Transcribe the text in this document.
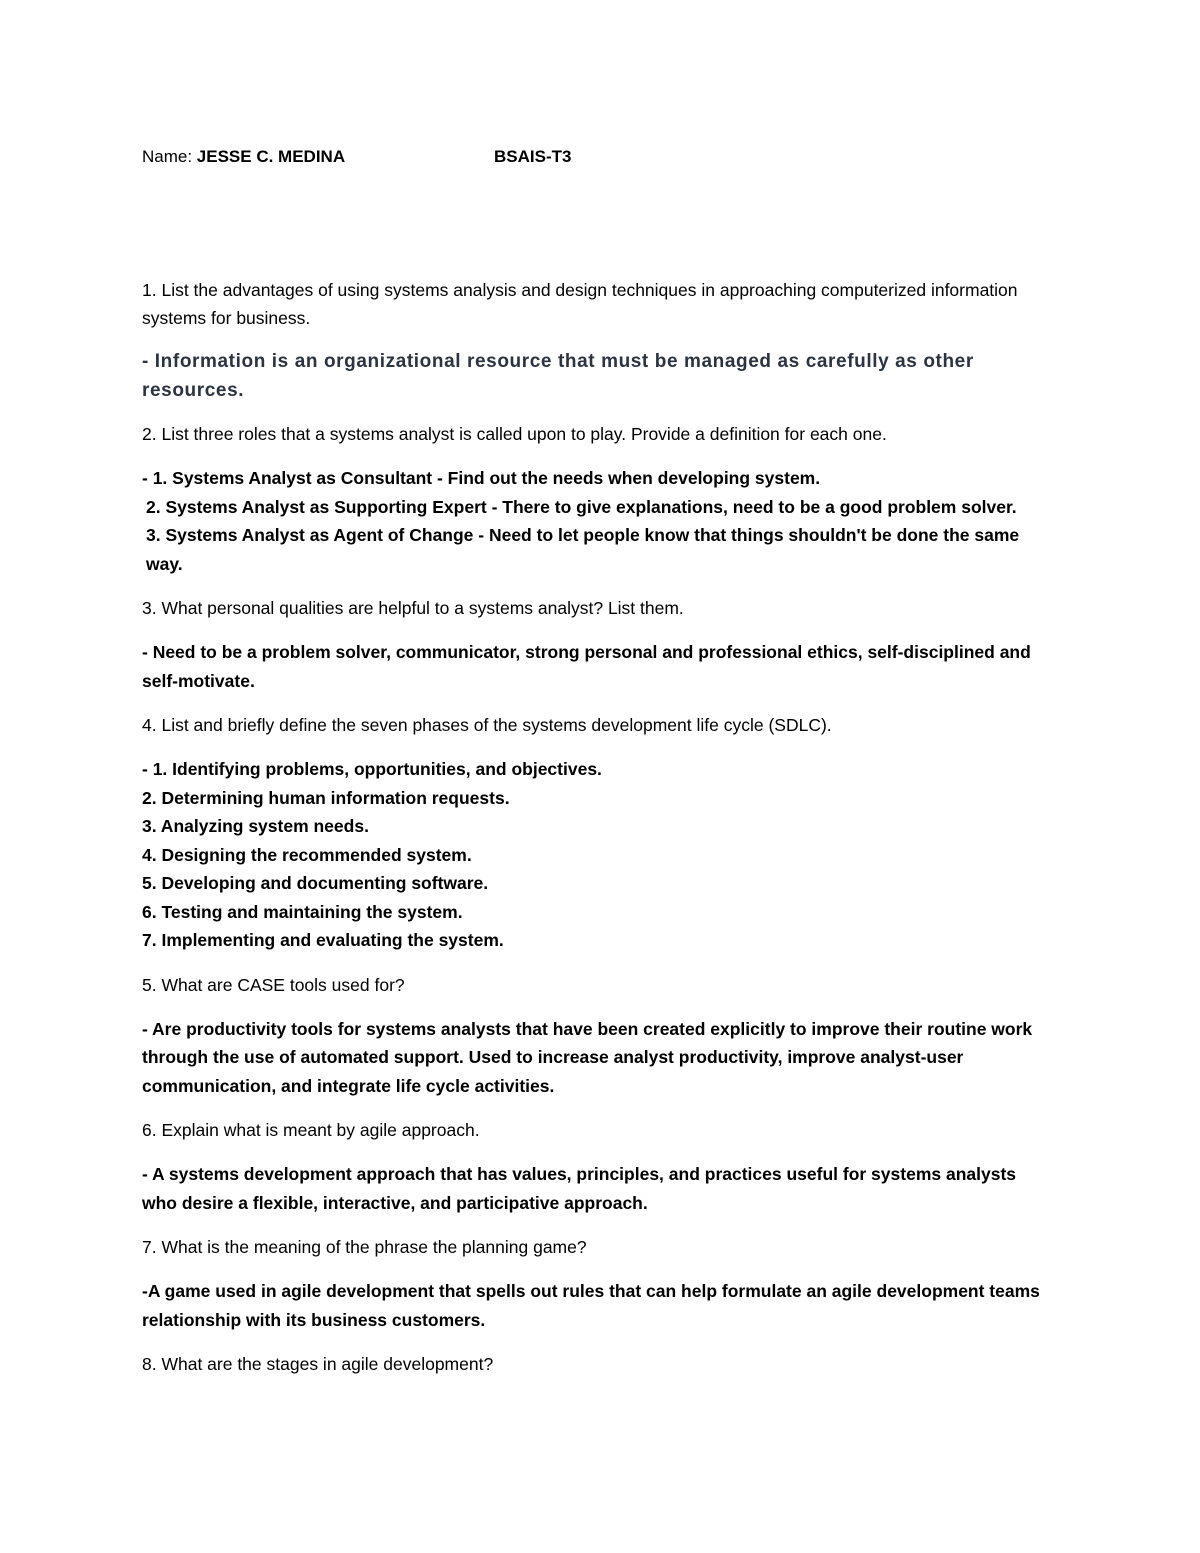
Name: JESSE C. MEDINA	BSAIS-T3

1. List the advantages of using systems analysis and design techniques in approaching computerized information systems for business.

- Information is an organizational resource that must be managed as carefully as other resources.

2. List three roles that a systems analyst is called upon to play. Provide a definition for each one.

- 1. Systems Analyst as Consultant - Find out the needs when developing system.
2. Systems Analyst as Supporting Expert - There to give explanations, need to be a good problem solver.
3. Systems Analyst as Agent of Change - Need to let people know that things shouldn't be done the same way.

3. What personal qualities are helpful to a systems analyst? List them.

- Need to be a problem solver, communicator, strong personal and professional ethics, self-disciplined and self-motivate.

4. List and briefly define the seven phases of the systems development life cycle (SDLC).

- 1. Identifying problems, opportunities, and objectives.
2. Determining human information requests.
3. Analyzing system needs.
4. Designing the recommended system.
5. Developing and documenting software.
6. Testing and maintaining the system.
7. Implementing and evaluating the system.

5. What are CASE tools used for?

- Are productivity tools for systems analysts that have been created explicitly to improve their routine work through the use of automated support. Used to increase analyst productivity, improve analyst-user communication, and integrate life cycle activities.

6. Explain what is meant by agile approach.

- A systems development approach that has values, principles, and practices useful for systems analysts who desire a flexible, interactive, and participative approach.

7. What is the meaning of the phrase the planning game?

-A game used in agile development that spells out rules that can help formulate an agile development teams relationship with its business customers.

8. What are the stages in agile development?
